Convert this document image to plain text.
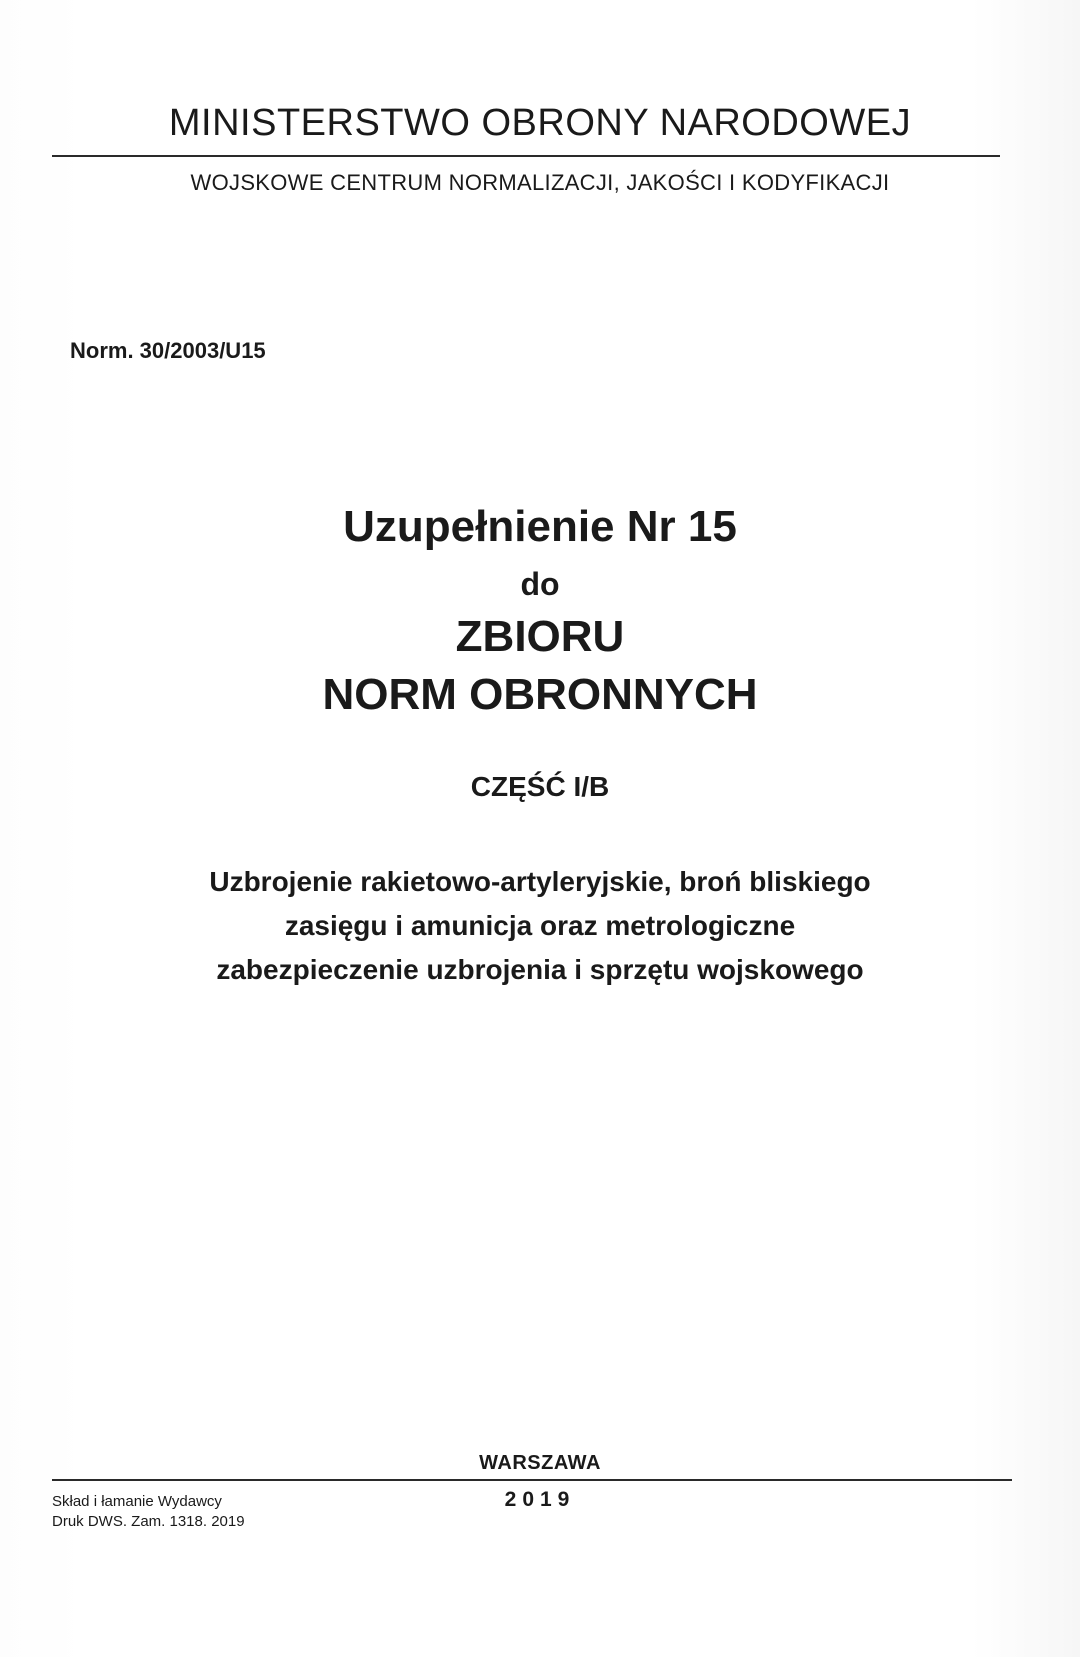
MINISTERSTWO OBRONY NARODOWEJ
WOJSKOWE CENTRUM NORMALIZACJI, JAKOŚCI I KODYFIKACJI
Norm. 30/2003/U15
Uzupełnienie Nr 15
do
ZBIORU
NORM OBRONNYCH
CZĘŚĆ I/B
Uzbrojenie rakietowo-artyleryjskie, broń bliskiego
zasięgu i amunicja oraz metrologiczne
zabezpieczenie uzbrojenia i sprzętu wojskowego
WARSZAWA
2019
Skład i łamanie Wydawcy
Druk DWS. Zam. 1318. 2019
